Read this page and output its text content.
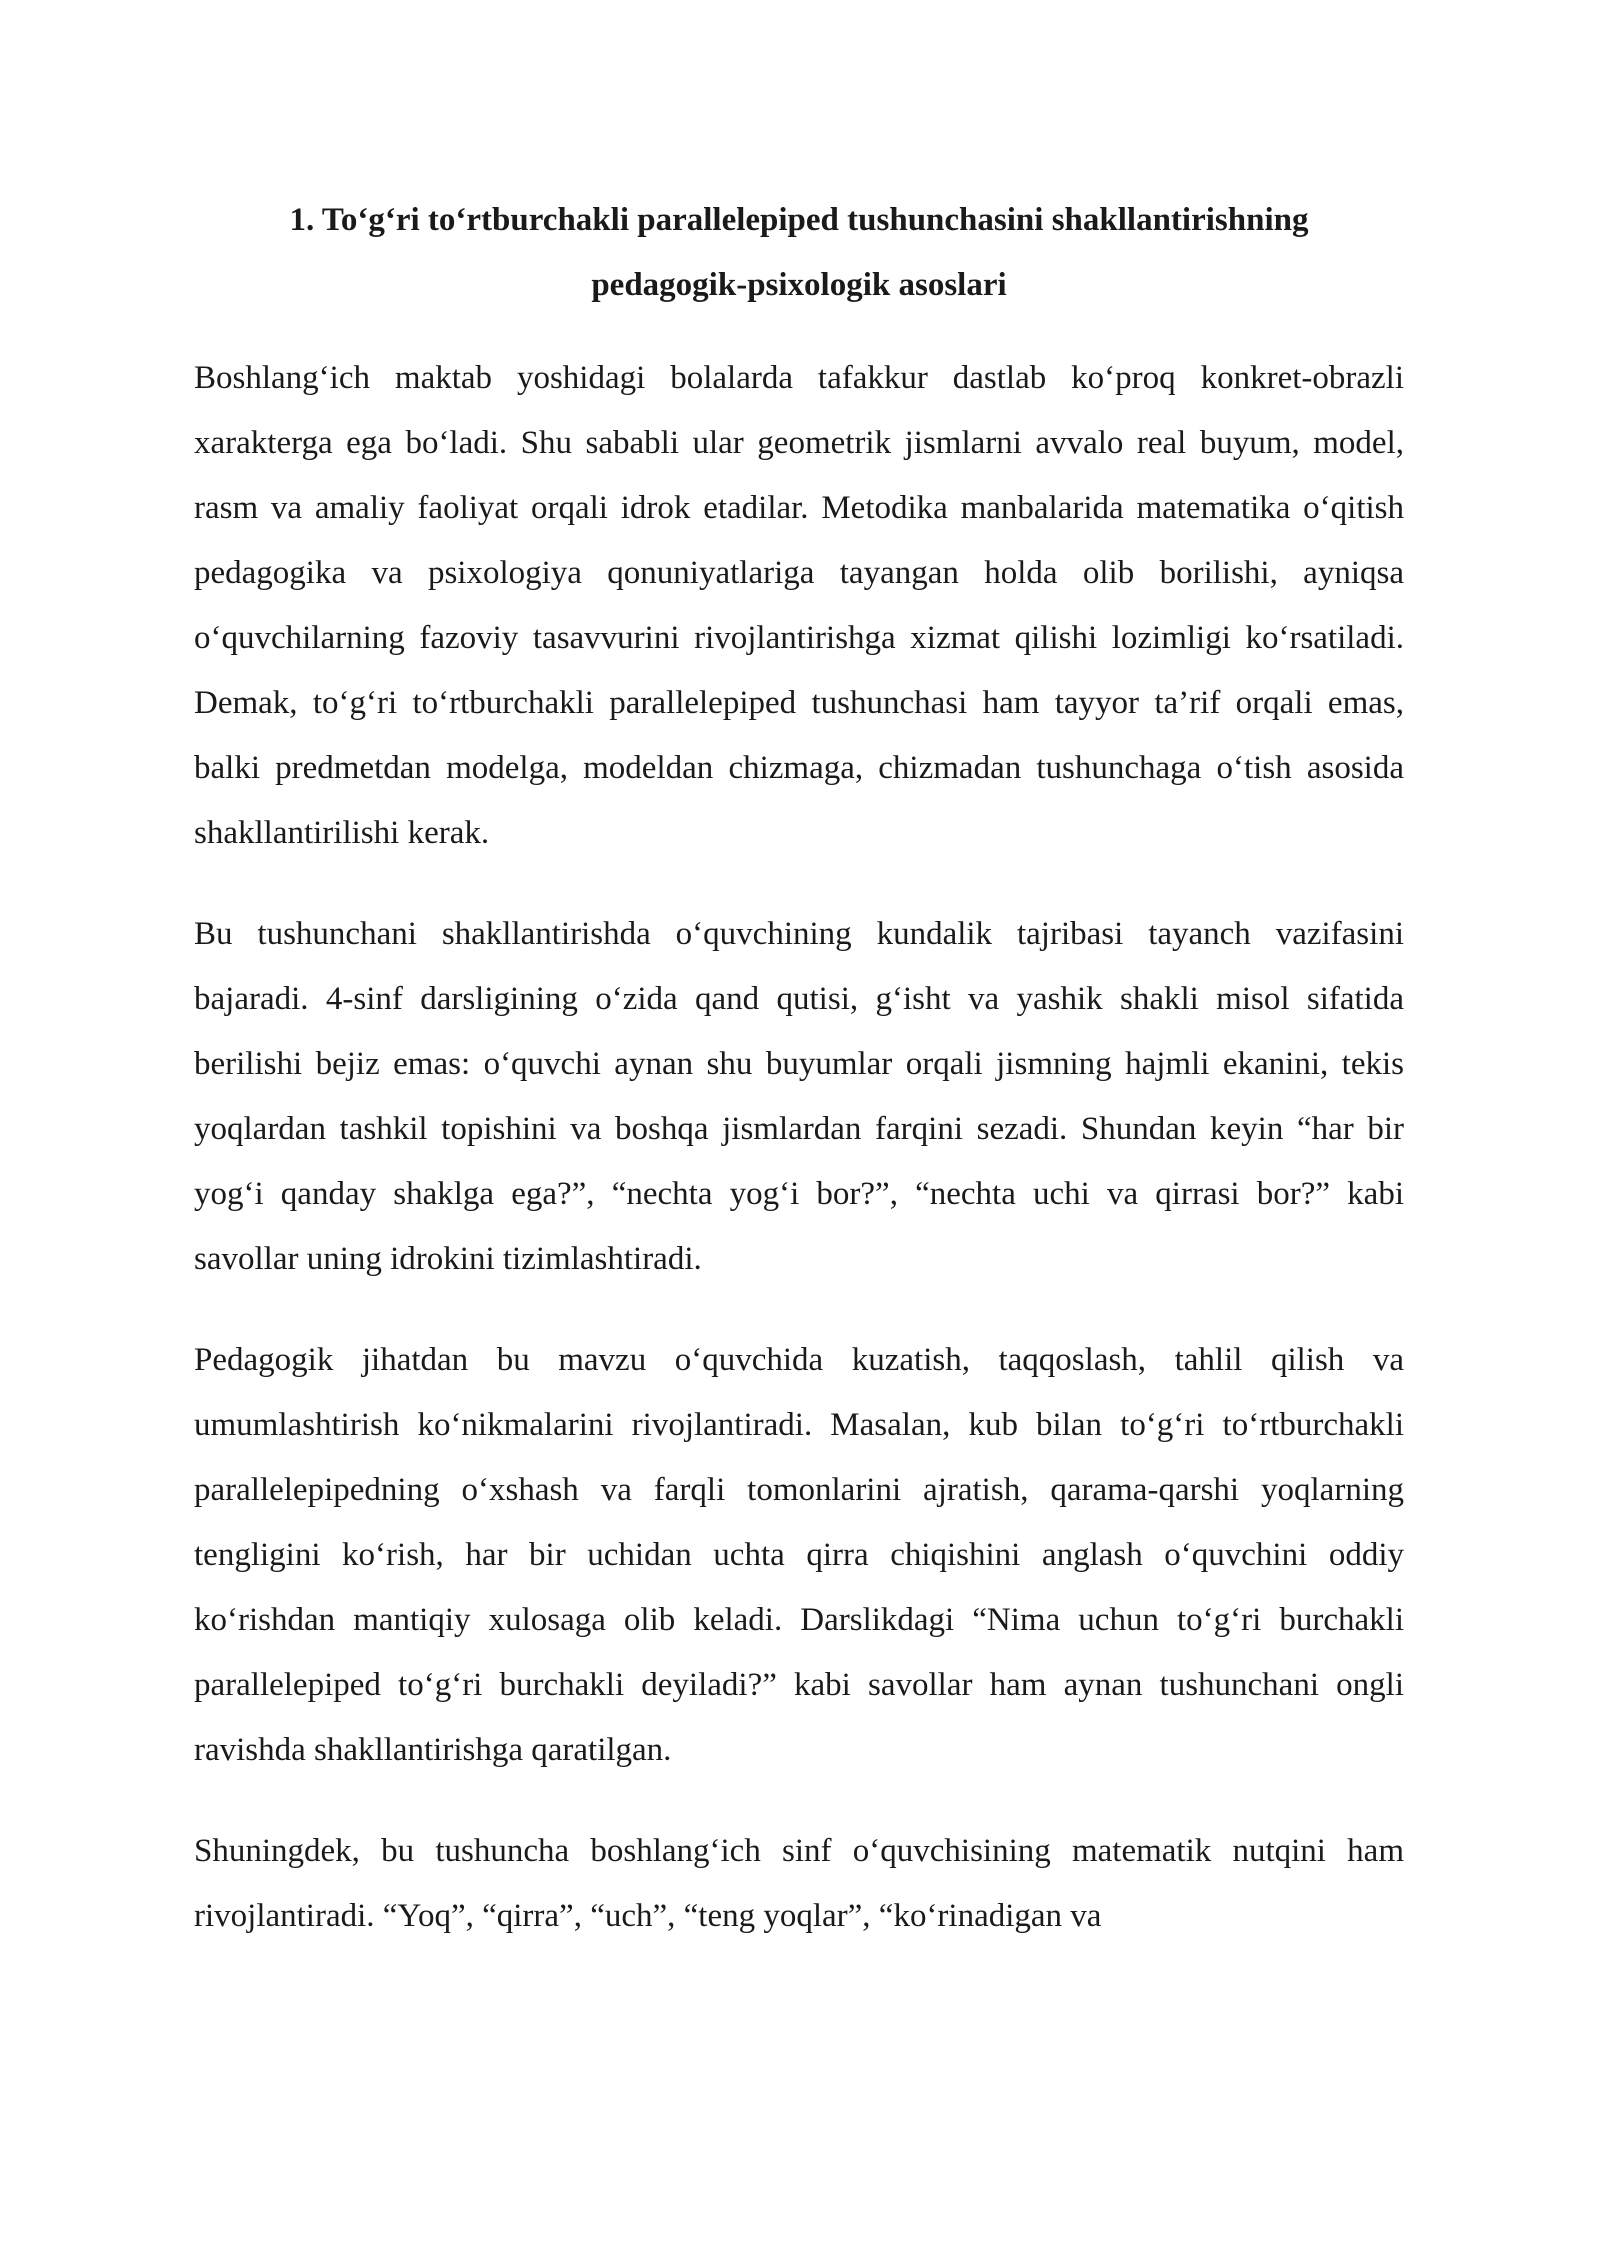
1. To‘g‘ri to‘rtburchakli parallelepiped tushunchasini shakllantirishning
pedagogik-psixologik asoslari

Boshlang‘ich maktab yoshidagi bolalarda tafakkur dastlab ko‘proq konkret-obrazli xarakterga ega bo‘ladi. Shu sababli ular geometrik jismlarni avvalo real buyum, model, rasm va amaliy faoliyat orqali idrok etadilar. Metodika manbalarida matematika o‘qitish pedagogika va psixologiya qonuniyatlariga tayangan holda olib borilishi, ayniqsa o‘quvchilarning fazoviy tasavvurini rivojlantirishga xizmat qilishi lozimligi ko‘rsatiladi. Demak, to‘g‘ri to‘rtburchakli parallelepiped tushunchasi ham tayyor ta’rif orqali emas, balki predmetdan modelga, modeldan chizmaga, chizmadan tushunchaga o‘tish asosida shakllantirilishi kerak.

Bu tushunchani shakllantirishda o‘quvchining kundalik tajribasi tayanch vazifasini bajaradi. 4-sinf darsligining o‘zida qand qutisi, g‘isht va yashik shakli misol sifatida berilishi bejiz emas: o‘quvchi aynan shu buyumlar orqali jismning hajmli ekanini, tekis yoqlardan tashkil topishini va boshqa jismlardan farqini sezadi. Shundan keyin “har bir yog‘i qanday shaklga ega?”, “nechta yog‘i bor?”, “nechta uchi va qirrasi bor?” kabi savollar uning idrokini tizimlashtiradi.

Pedagogik jihatdan bu mavzu o‘quvchida kuzatish, taqqoslash, tahlil qilish va umumlashtirish ko‘nikmalarini rivojlantiradi. Masalan, kub bilan to‘g‘ri to‘rtburchakli parallelepipedning o‘xshash va farqli tomonlarini ajratish, qarama-qarshi yoqlarning tengligini ko‘rish, har bir uchidan uchta qirra chiqishini anglash o‘quvchini oddiy ko‘rishdan mantiqiy xulosaga olib keladi. Darslikdagi “Nima uchun to‘g‘ri burchakli parallelepiped to‘g‘ri burchakli deyiladi?” kabi savollar ham aynan tushunchani ongli ravishda shakllantirishga qaratilgan.

Shuningdek, bu tushuncha boshlang‘ich sinf o‘quvchisining matematik nutqini ham rivojlantiradi. “Yoq”, “qirra”, “uch”, “teng yoqlar”, “ko‘rinadigan va
